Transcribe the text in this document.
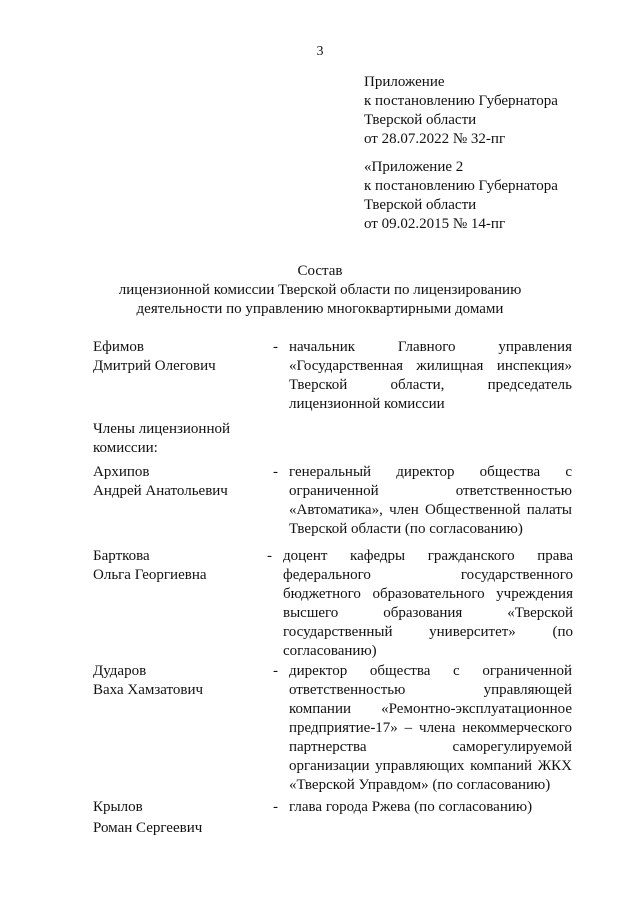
3
Приложение
к постановлению Губернатора
Тверской области
от 28.07.2022 № 32-пг
«Приложение 2
к постановлению Губернатора
Тверской области
от 09.02.2015 № 14-пг
Состав
лицензионной комиссии Тверской области по лицензированию
деятельности по управлению многоквартирными домами
Ефимов
Дмитрий Олегович
- начальник Главного управления
«Государственная жилищная инспекция»
Тверской области, председатель
лицензионной комиссии
Члены лицензионной
комиссии:
Архипов
Андрей Анатольевич
- генеральный директор общества с
ограниченной ответственностью
«Автоматика», член Общественной палаты
Тверской области (по согласованию)
Барткова
Ольга Георгиевна
- доцент кафедры гражданского права
федерального государственного
бюджетного образовательного учреждения
высшего образования «Тверской
государственный университет» (по
согласованию)
Дударов
Ваха Хамзатович
- директор общества с ограниченной
ответственностью управляющей
компании «Ремонтно-эксплуатационное
предприятие-17» – члена некоммерческого
партнерства саморегулируемой
организации управляющих компаний ЖКХ
«Тверской Управдом» (по согласованию)
Крылов
Роман Сергеевич
- глава города Ржева (по согласованию)
